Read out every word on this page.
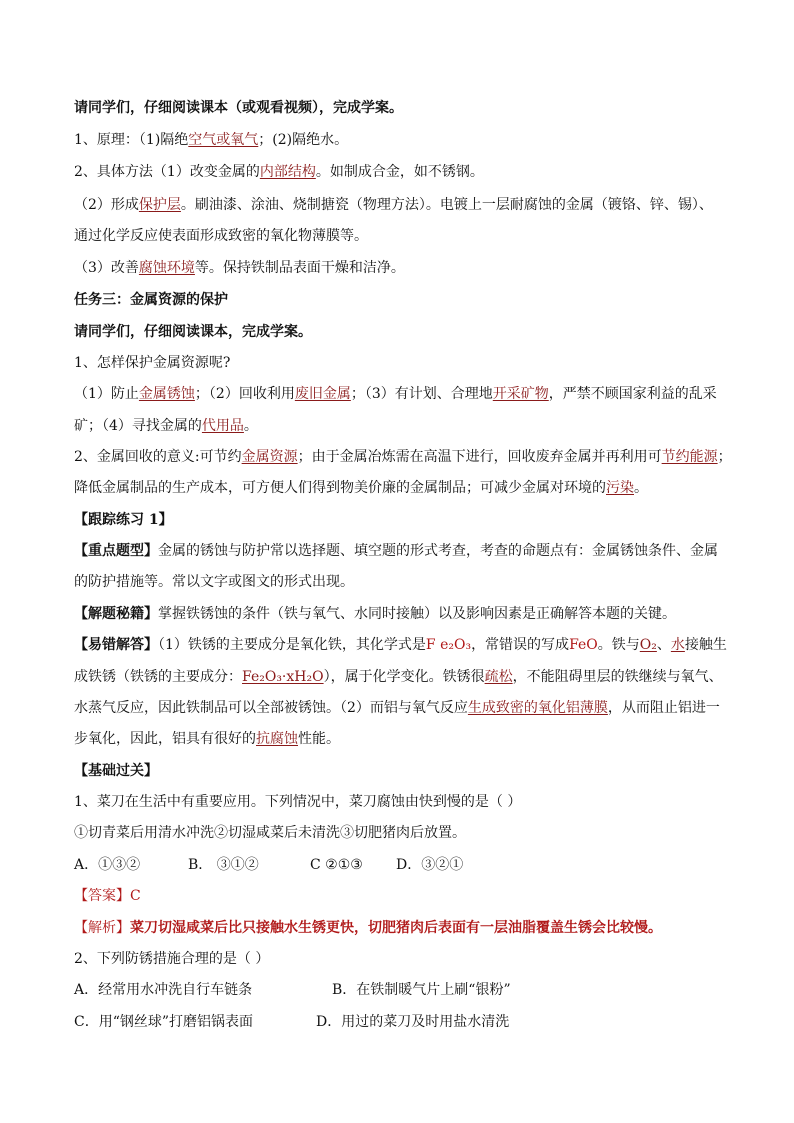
请同学们，仔细阅读课本（或观看视频），完成学案。
1、原理：（1)隔绝空气或氧气；(2)隔绝水。
2、具体方法（1）改变金属的内部结构。如制成合金，如不锈钢。
（2）形成保护层。刷油漆、涂油、烧制搪瓷（物理方法）。电镀上一层耐腐蚀的金属（镀铬、锌、锡）、
通过化学反应使表面形成致密的氧化物薄膜等。
（3）改善腐蚀环境等。保持铁制品表面干燥和洁净。
任务三：金属资源的保护
请同学们，仔细阅读课本，完成学案。
1、怎样保护金属资源呢?
（1）防止金属锈蚀；（2）回收利用废旧金属；（3）有计划、合理地开采矿物，严禁不顾国家利益的乱采
矿；（4）寻找金属的代用品。
2、金属回收的意义:可节约金属资源；由于金属冶炼需在高温下进行，回收废弃金属并再利用可节约能源；
降低金属制品的生产成本，可方便人们得到物美价廉的金属制品；可减少金属对环境的污染。
【跟踪练习 1】
【重点题型】金属的锈蚀与防护常以选择题、填空题的形式考查，考查的命题点有：金属锈蚀条件、金属
的防护措施等。常以文字或图文的形式出现。
【解题秘籍】掌握铁锈蚀的条件（铁与氧气、水同时接触）以及影响因素是正确解答本题的关键。
【易错解答】（1）铁锈的主要成分是氧化铁，其化学式是F e₂O₃，常错误的写成FeO。铁与O₂、水接触生
成铁锈（铁锈的主要成分：Fe₂O₃·xH₂O），属于化学变化。铁锈很疏松，不能阻碍里层的铁继续与氧气、
水蒸气反应，因此铁制品可以全部被锈蚀。（2）而铝与氧气反应生成致密的氧化铝薄膜，从而阻止铝进一
步氧化，因此，铝具有很好的抗腐蚀性能。
【基础过关】
1、菜刀在生活中有重要应用。下列情况中，菜刀腐蚀由快到慢的是（ ）
①切青菜后用清水冲洗②切湿咸菜后未清洗③切肥猪肉后放置。
A．①③②	B． ③①②	C ②①③ D．③②①
【答案】C
【解析】菜刀切湿咸菜后比只接触水生锈更快，切肥猪肉后表面有一层油脂覆盖生锈会比较慢。
2、下列防锈措施合理的是（ ）
A．经常用水冲洗自行车链条	B．在铁制暖气片上刷“银粉”
C．用“钢丝球”打磨铝锅表面	D．用过的菜刀及时用盐水清洗
